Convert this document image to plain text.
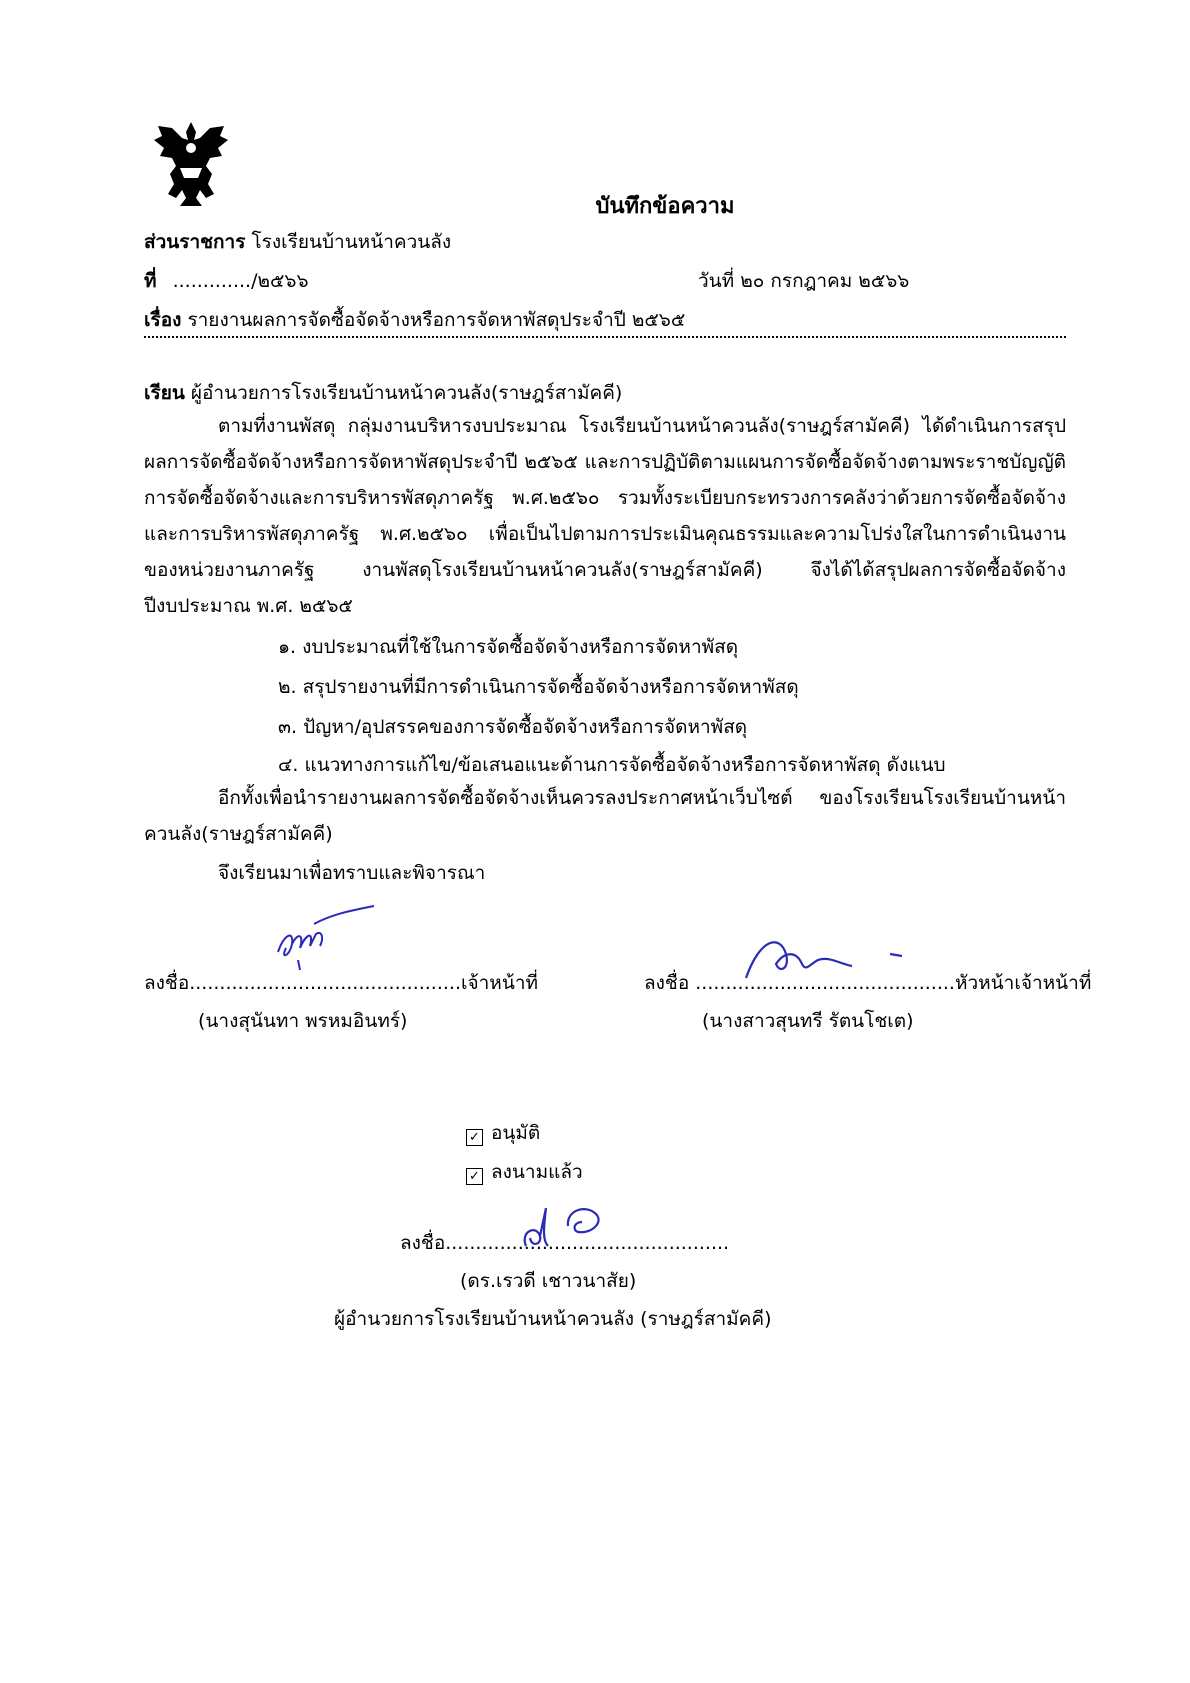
บันทึกข้อความ
ส่วนราชการ โรงเรียนบ้านหน้าควนลัง
ที่ ............./๒๕๖๖	วันที่ ๒๐ กรกฎาคม ๒๕๖๖
เรื่อง รายงานผลการจัดซื้อจัดจ้างหรือการจัดหาพัสดุประจำปี ๒๕๖๕
เรียน ผู้อำนวยการโรงเรียนบ้านหน้าควนลัง(ราษฎร์สามัคคี)
ตามที่งานพัสดุ กลุ่มงานบริหารงบประมาณ โรงเรียนบ้านหน้าควนลัง(ราษฎร์สามัคคี) ได้ดำเนินการสรุปผลการจัดซื้อจัดจ้างหรือการจัดหาพัสดุประจำปี ๒๕๖๕ และการปฏิบัติตามแผนการจัดซื้อจัดจ้างตามพระราชบัญญัติการจัดซื้อจัดจ้างและการบริหารพัสดุภาครัฐ พ.ศ.๒๕๖๐ รวมทั้งระเบียบกระทรวงการคลังว่าด้วยการจัดซื้อจัดจ้างและการบริหารพัสดุภาครัฐ พ.ศ.๒๕๖๐ เพื่อเป็นไปตามการประเมินคุณธรรมและความโปร่งใสในการดำเนินงานของหน่วยงานภาครัฐ งานพัสดุโรงเรียนบ้านหน้าควนลัง(ราษฎร์สามัคคี) จึงได้ได้สรุปผลการจัดซื้อจัดจ้างปีงบประมาณ พ.ศ. ๒๕๖๕
๑. งบประมาณที่ใช้ในการจัดซื้อจัดจ้างหรือการจัดหาพัสดุ
๒. สรุปรายงานที่มีการดำเนินการจัดซื้อจัดจ้างหรือการจัดหาพัสดุ
๓. ปัญหา/อุปสรรคของการจัดซื้อจัดจ้างหรือการจัดหาพัสดุ
๔. แนวทางการแก้ไข/ข้อเสนอแนะด้านการจัดซื้อจัดจ้างหรือการจัดหาพัสดุ ดังแนบ
อีกทั้งเพื่อนำรายงานผลการจัดซื้อจัดจ้างเห็นควรลงประกาศหน้าเว็บไซต์ ของโรงเรียนโรงเรียนบ้านหน้าควนลัง(ราษฎร์สามัคคี)
จึงเรียนมาเพื่อทราบและพิจารณา
ลงชื่อ.............................................เจ้าหน้าที่
(นางสุนันทา พรหมอินทร์)
ลงชื่อ ...........................................หัวหน้าเจ้าหน้าที่
(นางสาวสุนทรี รัตนโชเต)
✓ อนุมัติ
✓ ลงนามแล้ว
ลงชื่อ...............................................
(ดร.เรวดี เชาวนาสัย)
ผู้อำนวยการโรงเรียนบ้านหน้าควนลัง (ราษฎร์สามัคคี)
